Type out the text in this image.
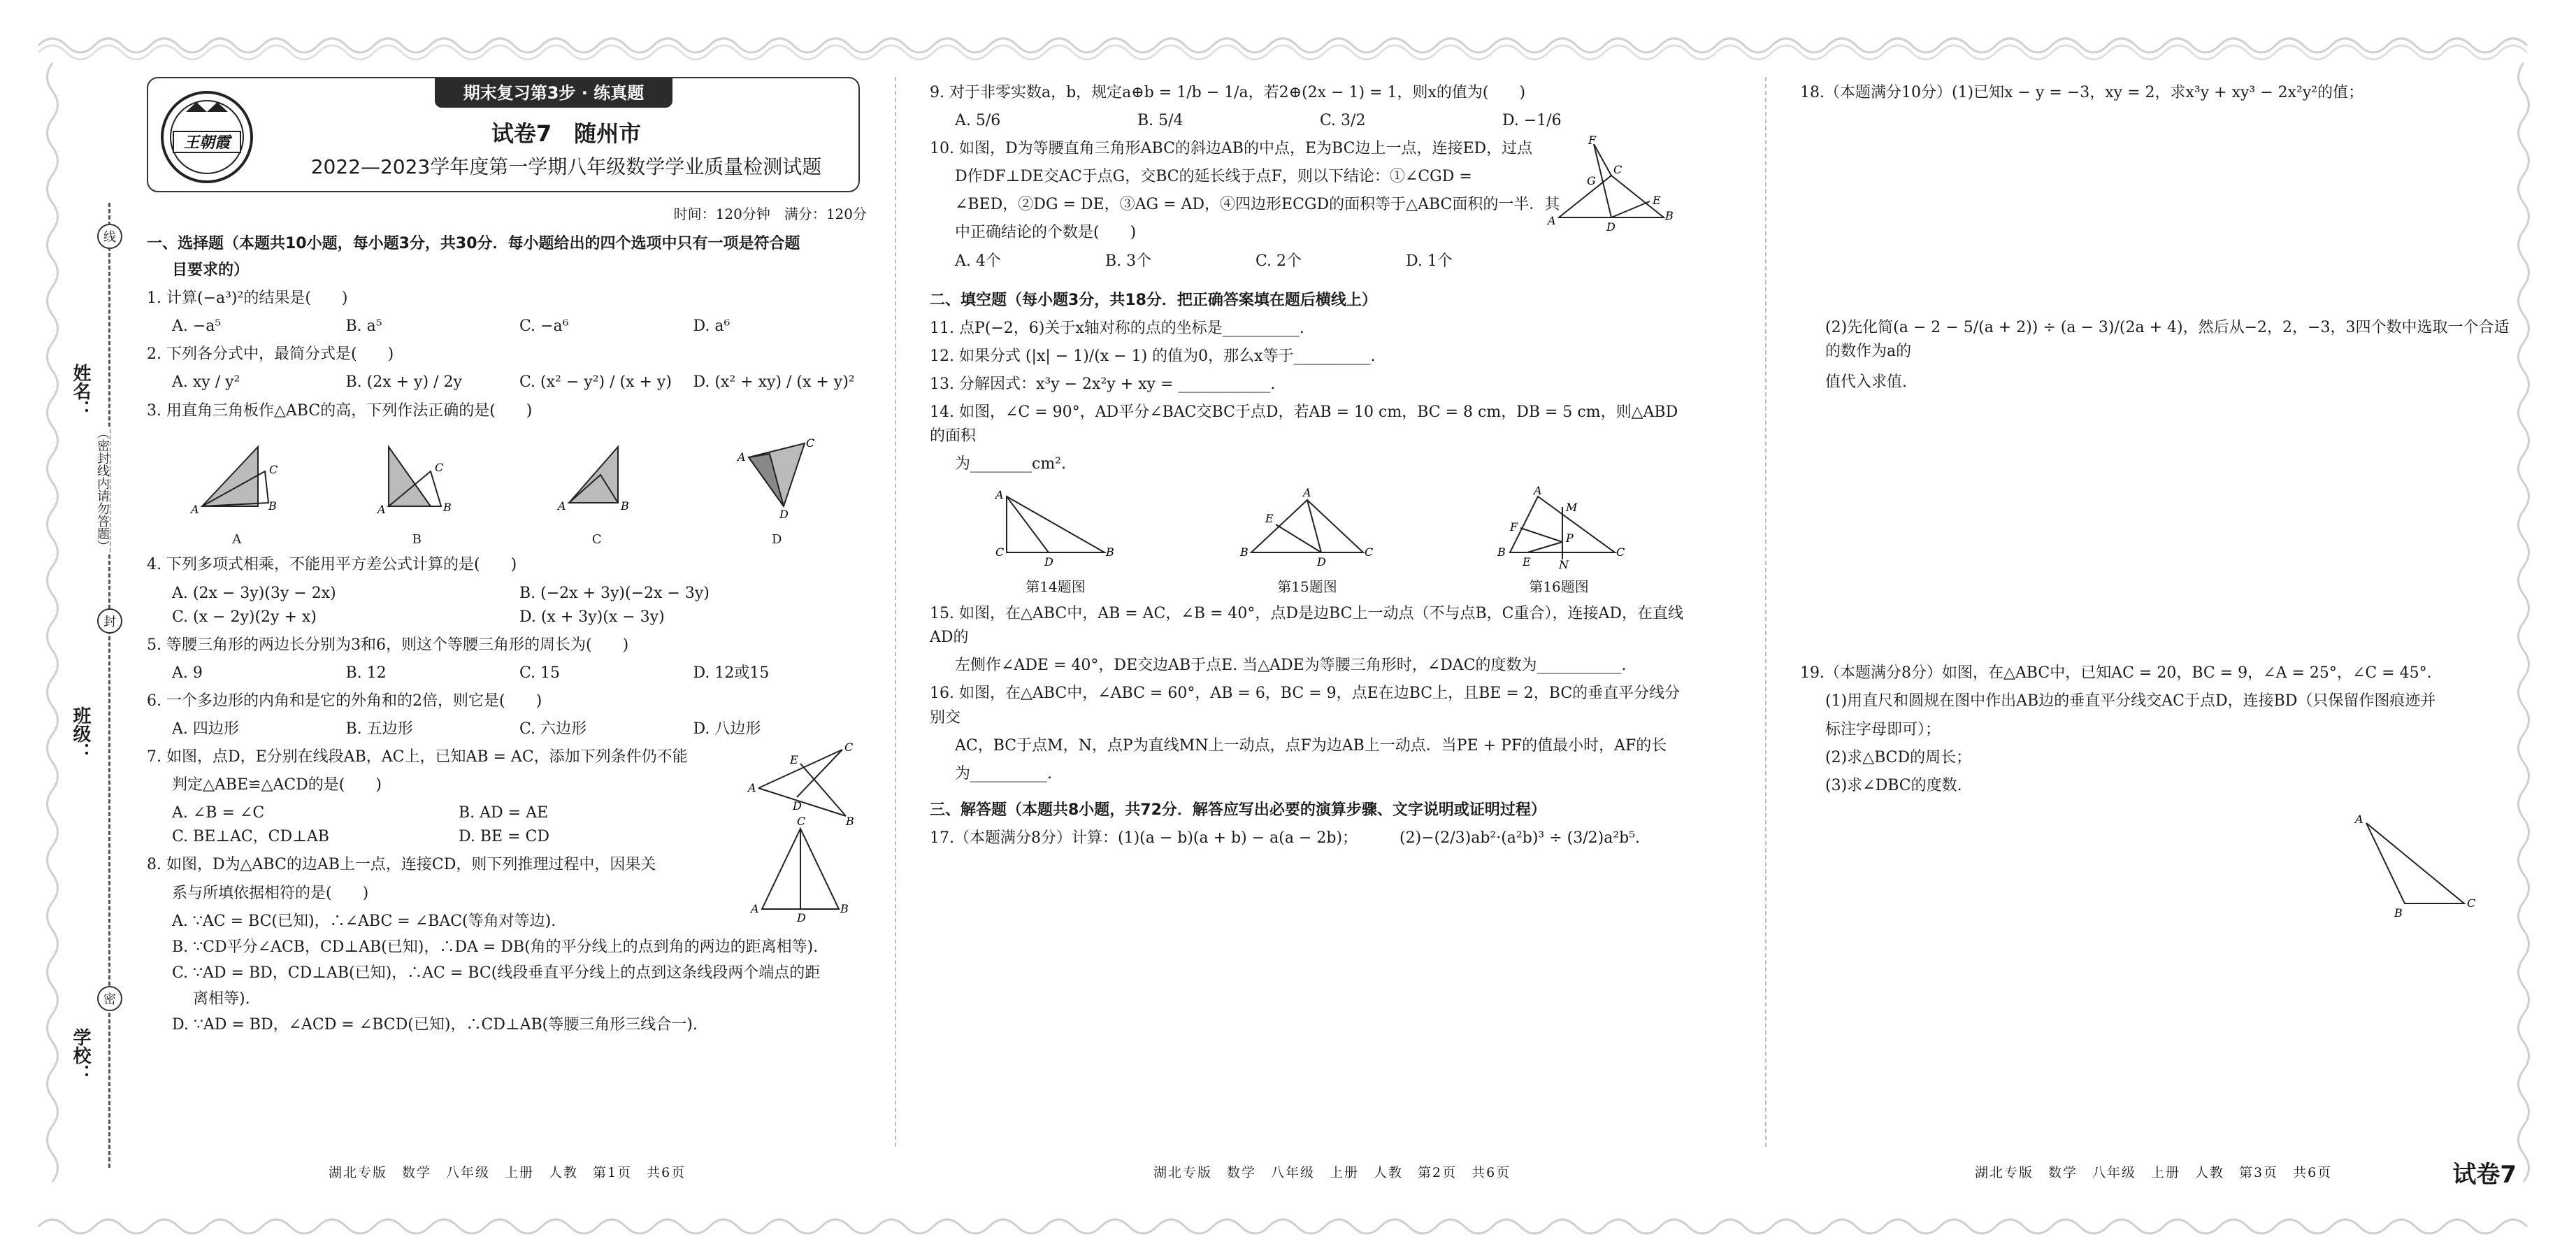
线
姓名：
（密封线内请勿答题）
封
班级：
密
学校：
期末复习第3步 · 练真题
王朝霞	试卷7　随州市
2022—2023学年度第一学期八年级数学学业质量检测试题
时间：120分钟　满分：120分
一、选择题（本题共10小题，每小题3分，共30分．每小题给出的四个选项中只有一项是符合题
目要求的）
1. 计算(−a³)²的结果是(　　)
A. −a⁵	B. a⁵	C. −a⁶	D. a⁶
2. 下列各分式中，最简分式是(　　)
A. xy / y²	B. (2x + y) / 2y	C. (x² − y²) / (x + y)	D. (x² + xy) / (x + y)²
3. 用直角三角板作△ABC的高，下列作法正确的是(　　)
A	B
C
A
A	B
C
B
A	B
C
A
C
D
D
4. 下列多项式相乘，不能用平方差公式计算的是(　　)
A. (2x − 3y)(3y − 2x)	B. (−2x + 3y)(−2x − 3y)
C. (x − 2y)(2y + x)	D. (x + 3y)(x − 3y)
5. 等腰三角形的两边长分别为3和6，则这个等腰三角形的周长为(　　)
A. 9	B. 12	C. 15	D. 12或15
6. 一个多边形的内角和是它的外角和的2倍，则它是(　　)
A. 四边形	B. 五边形	C. 六边形	D. 八边形
A
C
B
E
D
7. 如图，点D，E分别在线段AB，AC上，已知AB = AC，添加下列条件仍不能
判定△ABE≌△ACD的是(　　)
A. ∠B = ∠C	B. AD = AE
C. BE⊥AC，CD⊥AB	D. BE = CD
C
A	B
D
8. 如图，D为△ABC的边AB上一点，连接CD，则下列推理过程中，因果关
系与所填依据相符的是(　　)
A. ∵AC = BC(已知)，∴∠ABC = ∠BAC(等角对等边).
B. ∵CD平分∠ACB，CD⊥AB(已知)，∴DA = DB(角的平分线上的点到角的两边的距离相等).
C. ∵AD = BD，CD⊥AB(已知)，∴AC = BC(线段垂直平分线上的点到这条线段两个端点的距
离相等).
D. ∵AD = BD，∠ACD = ∠BCD(已知)，∴CD⊥AB(等腰三角形三线合一).
9. 对于非零实数a，b，规定a⊕b = 1/b − 1/a，若2⊕(2x − 1) = 1，则x的值为(　　)
A. 5/6	B. 5/4	C. 3/2	D. −1/6
A	B
C
D
E
F
G
10. 如图，D为等腰直角三角形ABC的斜边AB的中点，E为BC边上一点，连接ED，过点
D作DF⊥DE交AC于点G，交BC的延长线于点F，则以下结论：①∠CGD =
∠BED，②DG = DE，③AG = AD，④四边形ECGD的面积等于△ABC面积的一半．其
中正确结论的个数是(　　)
A. 4个	B. 3个	C. 2个	D. 1个
二、填空题（每小题3分，共18分．把正确答案填在题后横线上）
11. 点P(−2，6)关于x轴对称的点的坐标是__________.
12. 如果分式 (|x| − 1)/(x − 1) 的值为0，那么x等于__________.
13. 分解因式：x³y − 2x²y + xy = ____________.
14. 如图，∠C = 90°，AD平分∠BAC交BC于点D，若AB = 10 cm，BC = 8 cm，DB = 5 cm，则△ABD的面积
为________cm².
A
C	B
D
第14题图
A
B	C
D
E
第15题图
A
B	C
M
P
F
E	N
第16题图
15. 如图，在△ABC中，AB = AC，∠B = 40°，点D是边BC上一动点（不与点B，C重合），连接AD，在直线AD的
左侧作∠ADE = 40°，DE交边AB于点E. 当△ADE为等腰三角形时，∠DAC的度数为___________.
16. 如图，在△ABC中，∠ABC = 60°，AB = 6，BC = 9，点E在边BC上，且BE = 2，BC的垂直平分线分别交
AC，BC于点M，N，点P为直线MN上一动点，点F为边AB上一动点．当PE + PF的值最小时，AF的长
为__________.
三、解答题（本题共8小题，共72分．解答应写出必要的演算步骤、文字说明或证明过程）
17.（本题满分8分）计算：(1)(a − b)(a + b) − a(a − 2b)；	(2)−(2/3)ab²·(a²b)³ ÷ (3/2)a²b⁵.
18.（本题满分10分）(1)已知x − y = −3，xy = 2，求x³y + xy³ − 2x²y²的值；
(2)先化简(a − 2 − 5/(a + 2)) ÷ (a − 3)/(2a + 4)，然后从−2，2，−3，3四个数中选取一个合适的数作为a的
值代入求值.
19.（本题满分8分）如图，在△ABC中，已知AC = 20，BC = 9，∠A = 25°，∠C = 45°.
(1)用直尺和圆规在图中作出AB边的垂直平分线交AC于点D，连接BD（只保留作图痕迹并
标注字母即可）；
(2)求△BCD的周长；
(3)求∠DBC的度数.
A
B
C
湖北专版　数学　八年级　上册　人教　第1页　共6页	湖北专版　数学　八年级　上册　人教　第2页　共6页	湖北专版　数学　八年级　上册　人教　第3页　共6页	试卷7
